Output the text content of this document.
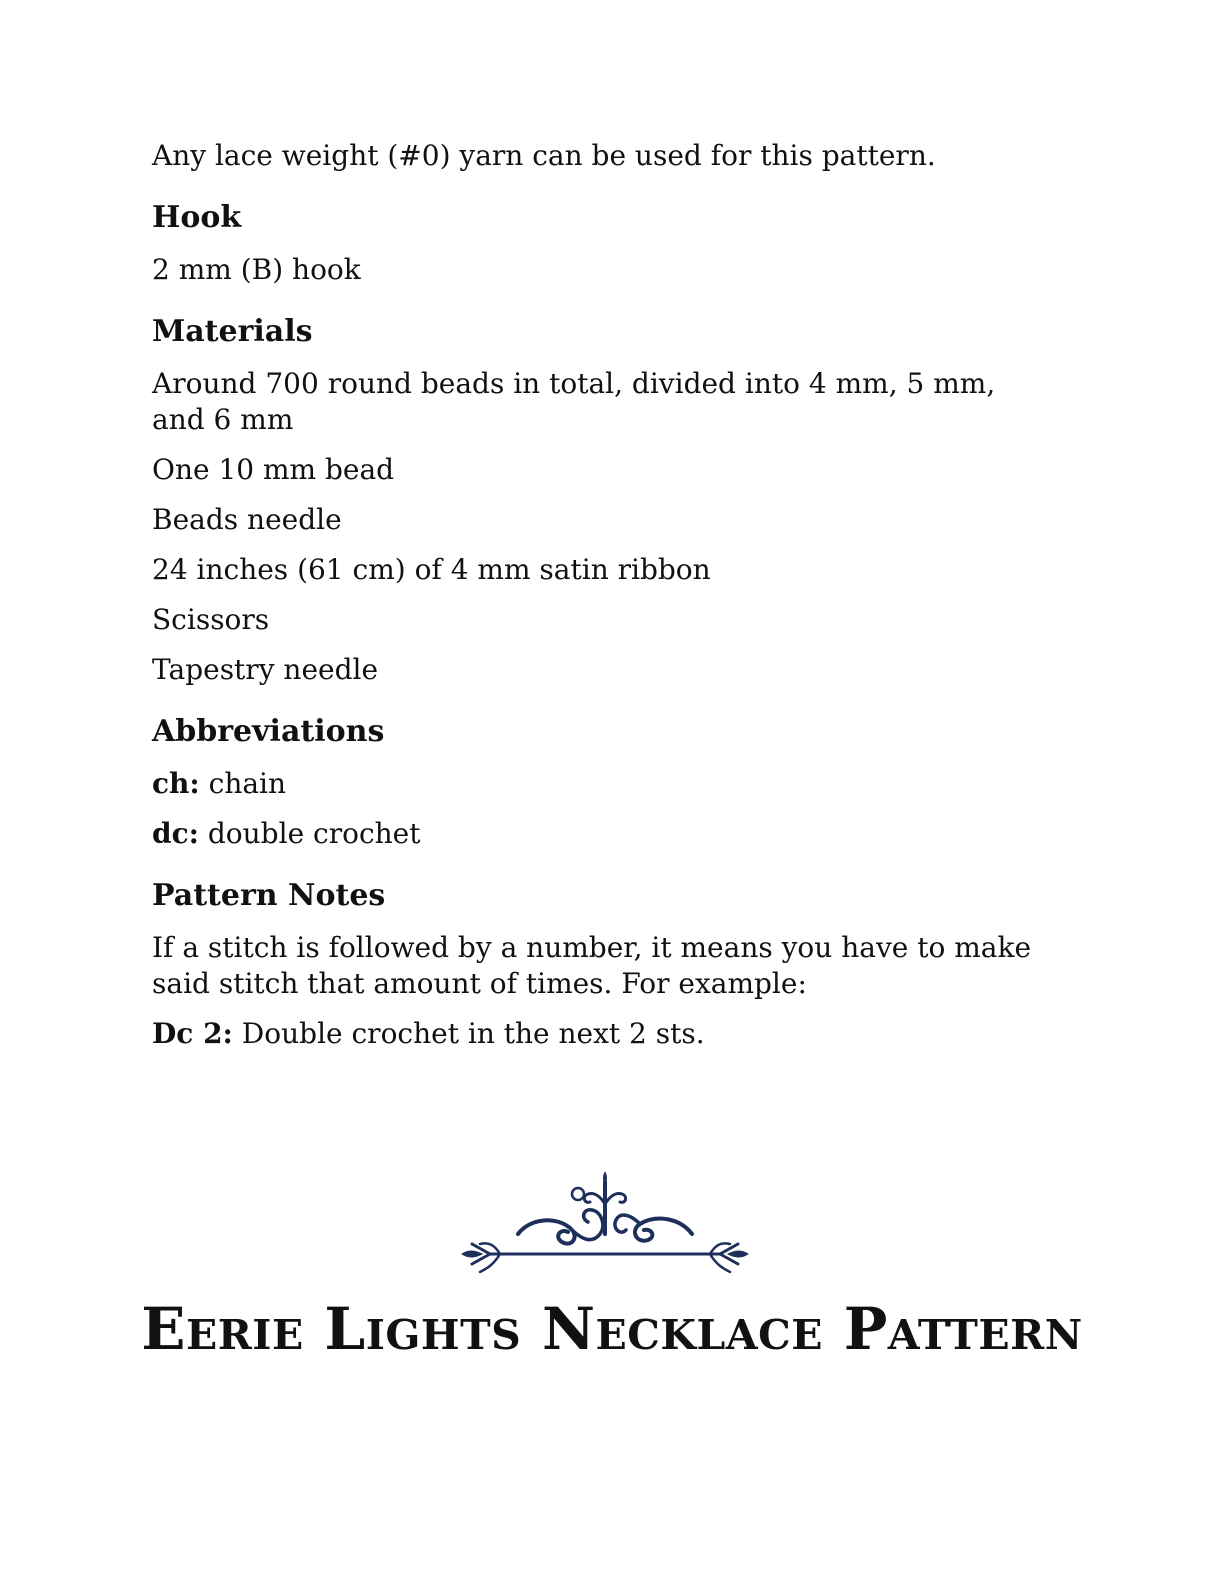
Any lace weight (#0) yarn can be used for this pattern.

Hook

2 mm (B) hook

Materials

Around 700 round beads in total, divided into 4 mm, 5 mm, and 6 mm

One 10 mm bead

Beads needle

24 inches (61 cm) of 4 mm satin ribbon

Scissors

Tapestry needle

Abbreviations

ch: chain

dc: double crochet

Pattern Notes

If a stitch is followed by a number, it means you have to make said stitch that amount of times. For example:

Dc 2: Double crochet in the next 2 sts.

Eerie Lights Necklace Pattern
